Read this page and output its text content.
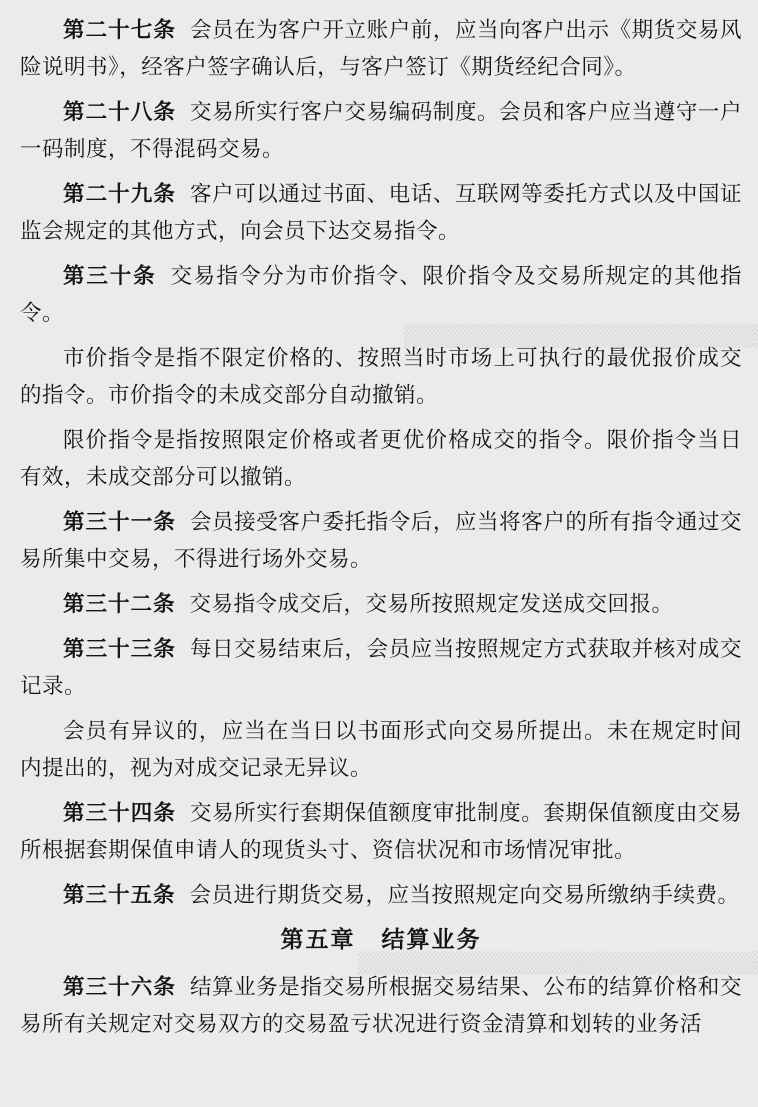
▒▒▒▒▒▒▒▒▒▒▒▒▒▒▒▒▒▒▒▒▒▒▒
▒▒▒▒▒▒▒▒▒▒▒▒▒▒▒▒▒▒▒▒▒▒▒▒▒▒

第二十七条 会员在为客户开立账户前，应当向客户出示《期货交易风险说明书》，经客户签字确认后，与客户签订《期货经纪合同》。

第二十八条 交易所实行客户交易编码制度。会员和客户应当遵守一户一码制度，不得混码交易。

第二十九条 客户可以通过书面、电话、互联网等委托方式以及中国证监会规定的其他方式，向会员下达交易指令。

第三十条 交易指令分为市价指令、限价指令及交易所规定的其他指令。

市价指令是指不限定价格的、按照当时市场上可执行的最优报价成交的指令。市价指令的未成交部分自动撤销。

限价指令是指按照限定价格或者更优价格成交的指令。限价指令当日有效，未成交部分可以撤销。

第三十一条 会员接受客户委托指令后，应当将客户的所有指令通过交易所集中交易，不得进行场外交易。

第三十二条 交易指令成交后，交易所按照规定发送成交回报。

第三十三条 每日交易结束后，会员应当按照规定方式获取并核对成交记录。

会员有异议的，应当在当日以书面形式向交易所提出。未在规定时间内提出的，视为对成交记录无异议。

第三十四条 交易所实行套期保值额度审批制度。套期保值额度由交易所根据套期保值申请人的现货头寸、资信状况和市场情况审批。

第三十五条 会员进行期货交易，应当按照规定向交易所缴纳手续费。

第五章 结算业务

第三十六条 结算业务是指交易所根据交易结果、公布的结算价格和交易所有关规定对交易双方的交易盈亏状况进行资金清算和划转的业务活
